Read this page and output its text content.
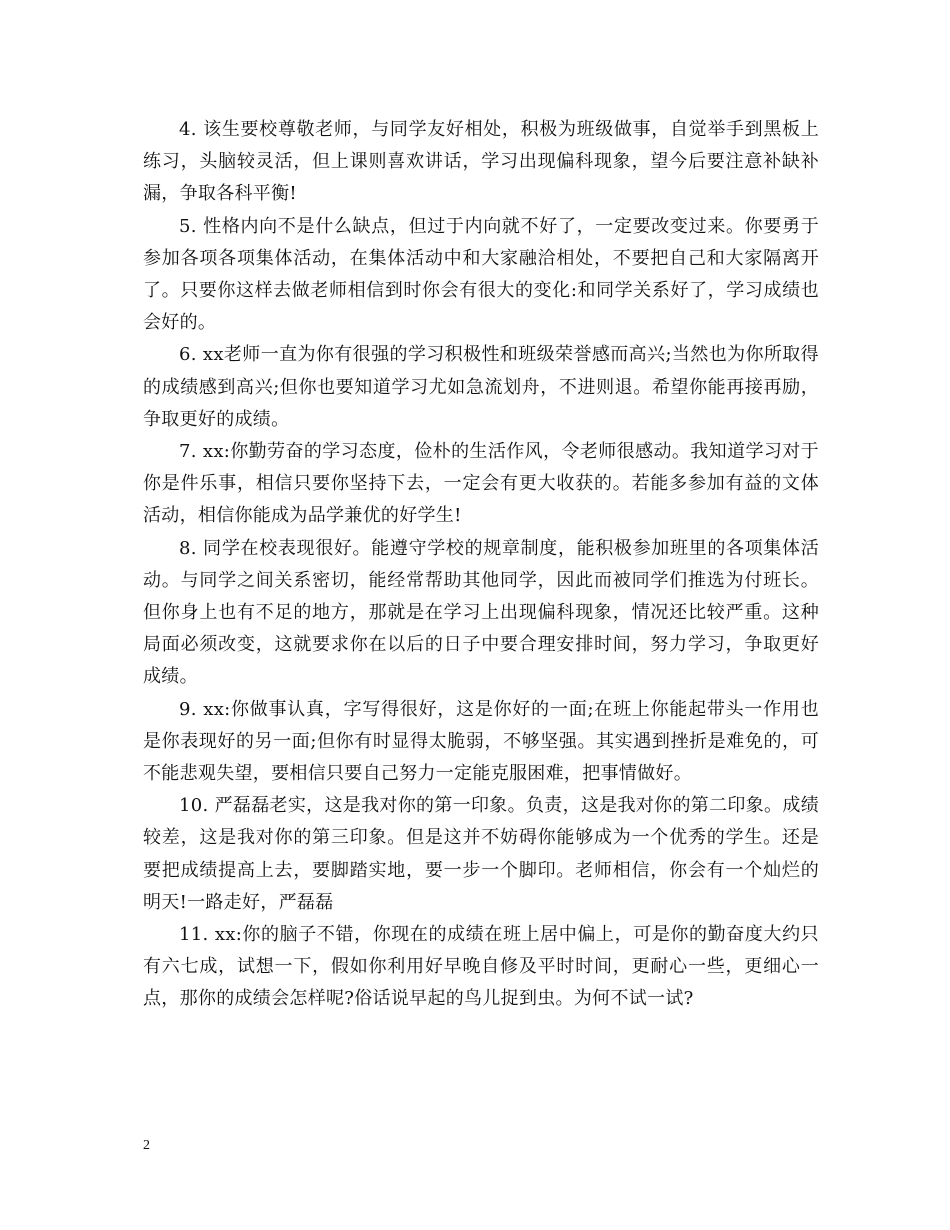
4. 该生要校尊敬老师，与同学友好相处，积极为班级做事，自觉举手到黑板上练习，头脑较灵活，但上课则喜欢讲话，学习出现偏科现象，望今后要注意补缺补漏，争取各科平衡!

5. 性格内向不是什么缺点，但过于内向就不好了，一定要改变过来。你要勇于参加各项各项集体活动，在集体活动中和大家融洽相处，不要把自己和大家隔离开了。只要你这样去做老师相信到时你会有很大的变化:和同学关系好了，学习成绩也会好的。

6. xx老师一直为你有很强的学习积极性和班级荣誉感而高兴;当然也为你所取得的成绩感到高兴;但你也要知道学习尤如急流划舟，不进则退。希望你能再接再励，争取更好的成绩。

7. xx:你勤劳奋的学习态度，俭朴的生活作风，令老师很感动。我知道学习对于你是件乐事，相信只要你坚持下去，一定会有更大收获的。若能多参加有益的文体活动，相信你能成为品学兼优的好学生!

8. 同学在校表现很好。能遵守学校的规章制度，能积极参加班里的各项集体活动。与同学之间关系密切，能经常帮助其他同学，因此而被同学们推选为付班长。但你身上也有不足的地方，那就是在学习上出现偏科现象，情况还比较严重。这种局面必须改变，这就要求你在以后的日子中要合理安排时间，努力学习，争取更好成绩。

9. xx:你做事认真，字写得很好，这是你好的一面;在班上你能起带头一作用也是你表现好的另一面;但你有时显得太脆弱，不够坚强。其实遇到挫折是难免的，可不能悲观失望，要相信只要自己努力一定能克服困难，把事情做好。

10. 严磊磊老实，这是我对你的第一印象。负责，这是我对你的第二印象。成绩较差，这是我对你的第三印象。但是这并不妨碍你能够成为一个优秀的学生。还是要把成绩提高上去，要脚踏实地，要一步一个脚印。老师相信，你会有一个灿烂的明天!一路走好，严磊磊

11. xx:你的脑子不错，你现在的成绩在班上居中偏上，可是你的勤奋度大约只有六七成，试想一下，假如你利用好早晚自修及平时时间，更耐心一些，更细心一点，那你的成绩会怎样呢?俗话说早起的鸟儿捉到虫。为何不试一试?

2
